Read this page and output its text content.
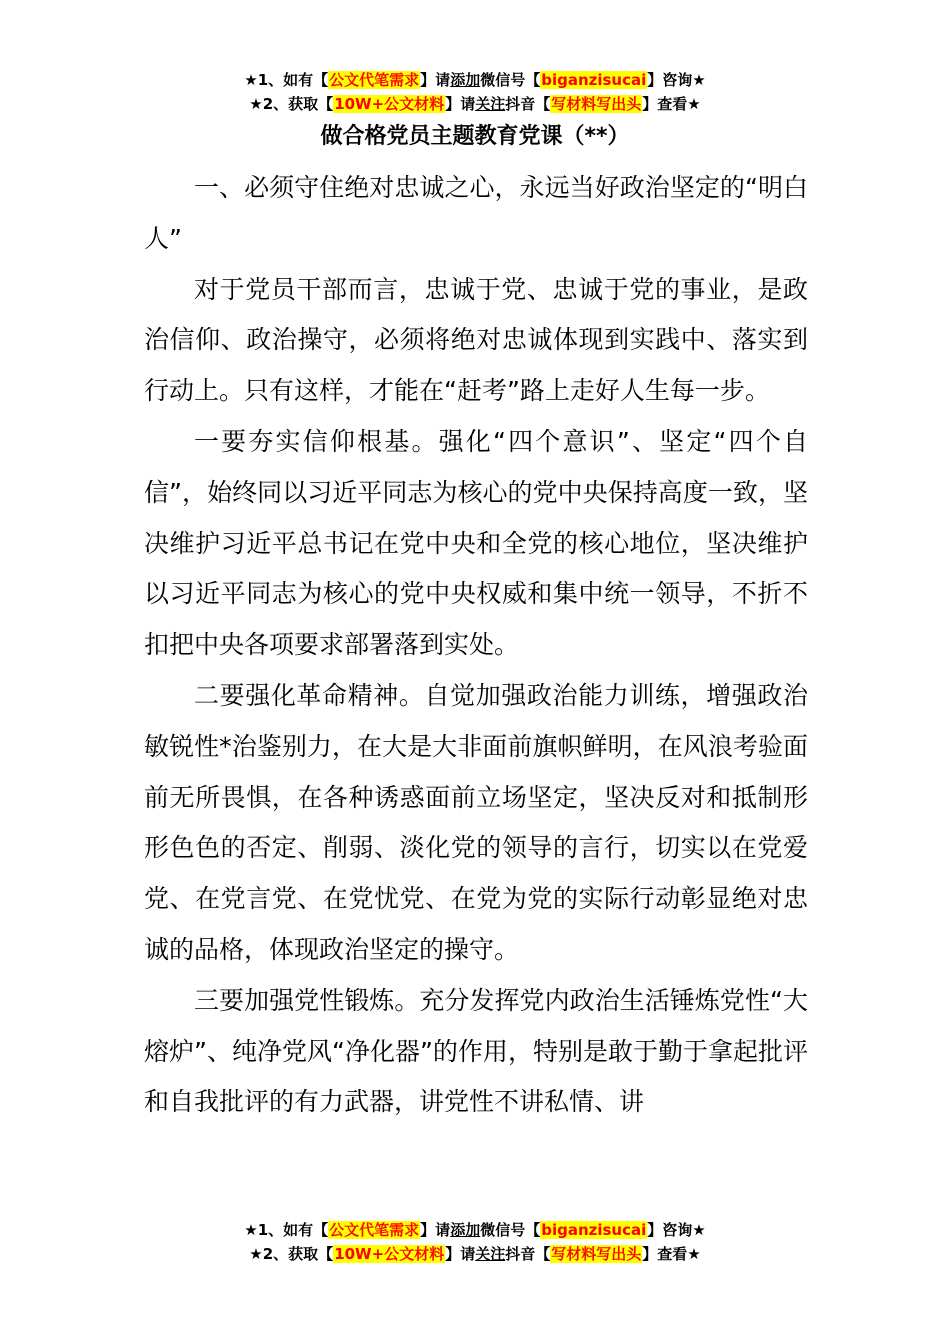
★1、如有【公文代笔需求】请添加微信号【biganzisucai】咨询★
★2、获取【10W+公文材料】请关注抖音【写材料写出头】查看★
做合格党员主题教育党课（**）

一、必须守住绝对忠诚之心，永远当好政治坚定的“明白人”

对于党员干部而言，忠诚于党、忠诚于党的事业，是政治信仰、政治操守，必须将绝对忠诚体现到实践中、落实到行动上。只有这样，才能在“赶考”路上走好人生每一步。

一要夯实信仰根基。强化“四个意识”、坚定“四个自信”，始终同以习近平同志为核心的党中央保持高度一致，坚决维护习近平总书记在党中央和全党的核心地位，坚决维护以习近平同志为核心的党中央权威和集中统一领导，不折不扣把中央各项要求部署落到实处。

二要强化革命精神。自觉加强政治能力训练，增强政治敏锐性*治鉴别力，在大是大非面前旗帜鲜明，在风浪考验面前无所畏惧，在各种诱惑面前立场坚定，坚决反对和抵制形形色色的否定、削弱、淡化党的领导的言行，切实以在党爱党、在党言党、在党忧党、在党为党的实际行动彰显绝对忠诚的品格，体现政治坚定的操守。

三要加强党性锻炼。充分发挥党内政治生活锤炼党性“大熔炉”、纯净党风“净化器”的作用，特别是敢于勤于拿起批评和自我批评的有力武器，讲党性不讲私情、讲

★1、如有【公文代笔需求】请添加微信号【biganzisucai】咨询★
★2、获取【10W+公文材料】请关注抖音【写材料写出头】查看★
